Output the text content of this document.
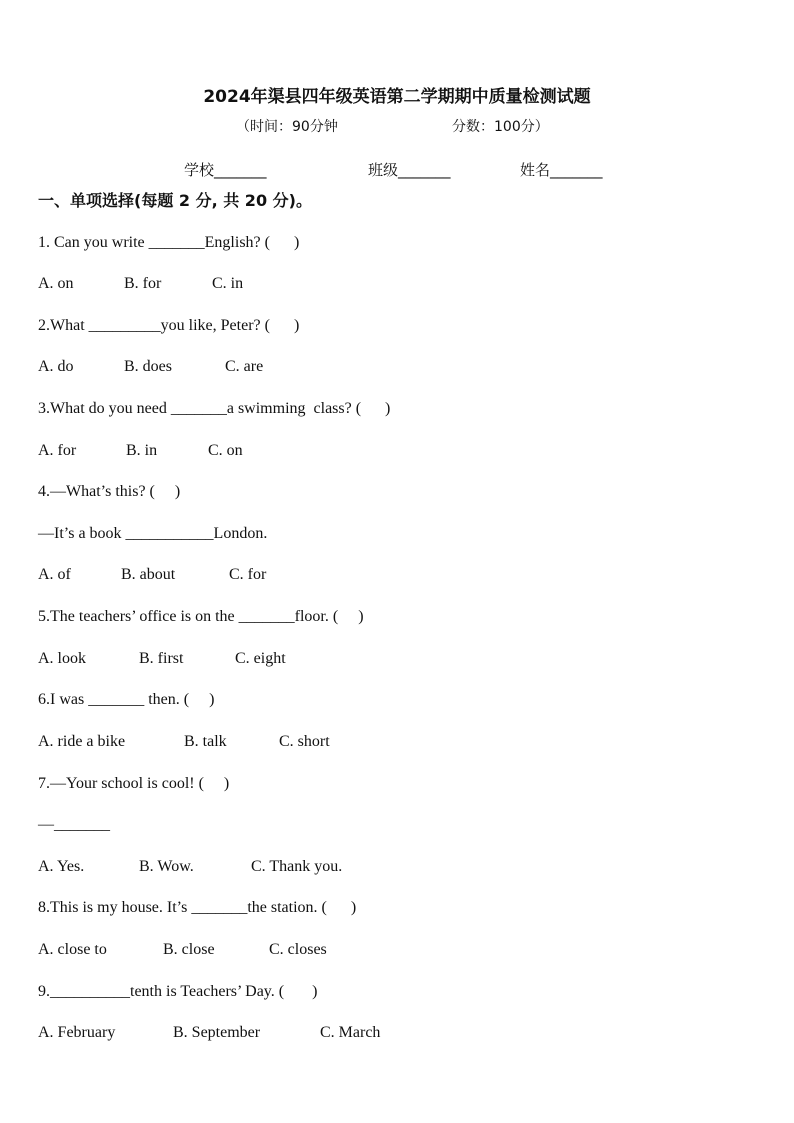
2024年渠县四年级英语第二学期期中质量检测试题
（时间：90分钟	分数：100分）
学校_______	班级_______	姓名_______
一、单项选择(每题 2 分, 共 20 分)。
1. Can you write _______English? (      )
A. on	B. for	C. in
2.What _________you like, Peter? (      )
A. do	B. does	C. are
3.What do you need _______a swimming  class? (      )
A. for	B. in	C. on
4.—What’s this? (     )
—It’s a book ___________London.
A. of	B. about	C. for
5.The teachers’ office is on the _______floor. (     )
A. look	B. first	C. eight
6.I was _______ then. (     )
A. ride a bike	B. talk	C. short
7.—Your school is cool! (     )
—_______
A. Yes.	B. Wow.	C. Thank you.
8.This is my house. It’s _______the station. (      )
A. close to	B. close	C. closes
9.__________tenth is Teachers’ Day. (       )
A. February	B. September	C. March
